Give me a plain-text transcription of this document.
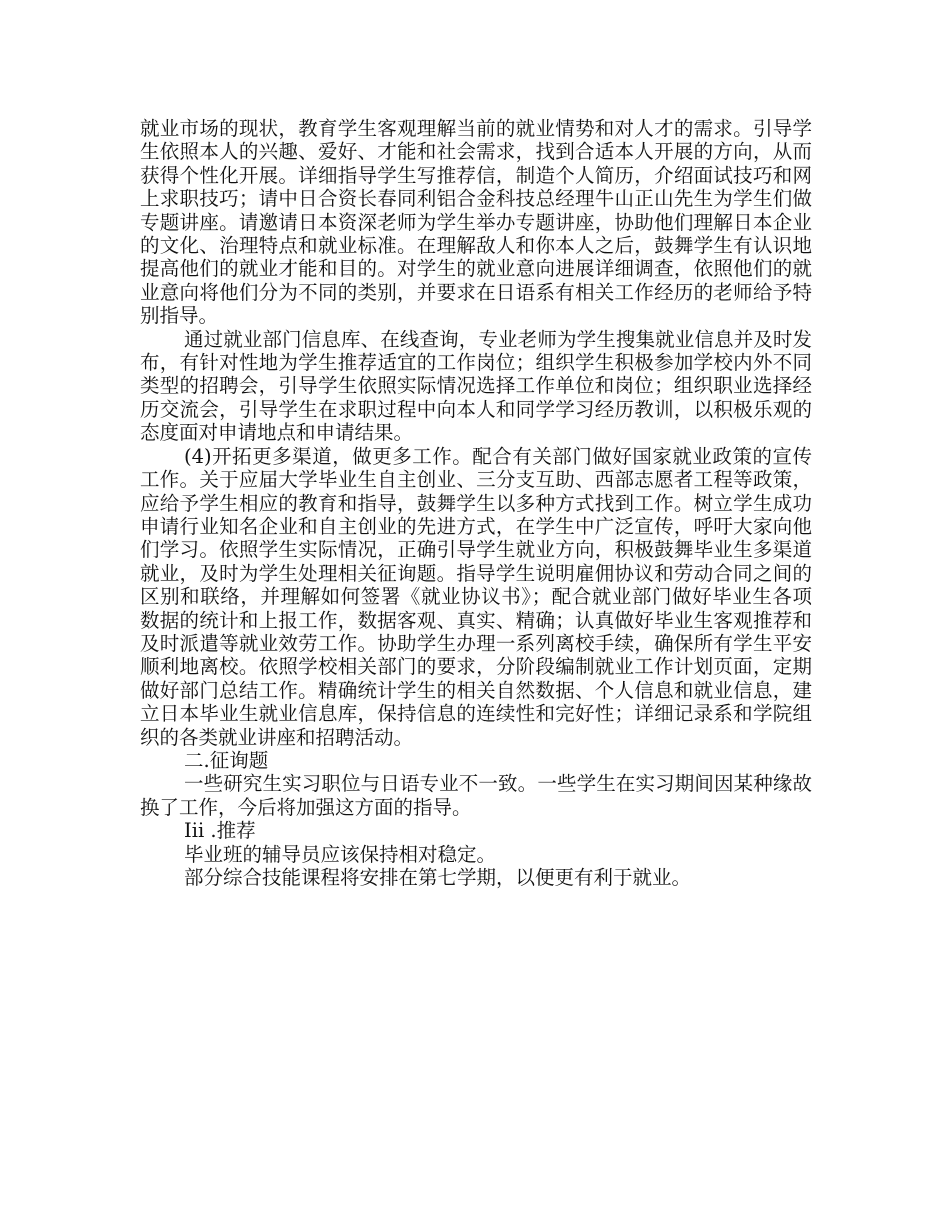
就业市场的现状，教育学生客观理解当前的就业情势和对人才的需求。引导学生依照本人的兴趣、爱好、才能和社会需求，找到合适本人开展的方向，从而获得个性化开展。详细指导学生写推荐信，制造个人简历，介绍面试技巧和网上求职技巧；请中日合资长春同利铝合金科技总经理牛山正山先生为学生们做专题讲座。请邀请日本资深老师为学生举办专题讲座，协助他们理解日本企业的文化、治理特点和就业标准。在理解敌人和你本人之后，鼓舞学生有认识地提高他们的就业才能和目的。对学生的就业意向进展详细调查，依照他们的就业意向将他们分为不同的类别，并要求在日语系有相关工作经历的老师给予特别指导。

通过就业部门信息库、在线查询，专业老师为学生搜集就业信息并及时发布，有针对性地为学生推荐适宜的工作岗位；组织学生积极参加学校内外不同类型的招聘会，引导学生依照实际情况选择工作单位和岗位；组织职业选择经历交流会，引导学生在求职过程中向本人和同学学习经历教训，以积极乐观的态度面对申请地点和申请结果。

(4)开拓更多渠道，做更多工作。配合有关部门做好国家就业政策的宣传工作。关于应届大学毕业生自主创业、三分支互助、西部志愿者工程等政策，应给予学生相应的教育和指导，鼓舞学生以多种方式找到工作。树立学生成功申请行业知名企业和自主创业的先进方式，在学生中广泛宣传，呼吁大家向他们学习。依照学生实际情况，正确引导学生就业方向，积极鼓舞毕业生多渠道就业，及时为学生处理相关征询题。指导学生说明雇佣协议和劳动合同之间的区别和联络，并理解如何签署《就业协议书》；配合就业部门做好毕业生各项数据的统计和上报工作，数据客观、真实、精确；认真做好毕业生客观推荐和及时派遣等就业效劳工作。协助学生办理一系列离校手续，确保所有学生平安顺利地离校。依照学校相关部门的要求，分阶段编制就业工作计划页面，定期做好部门总结工作。精确统计学生的相关自然数据、个人信息和就业信息，建立日本毕业生就业信息库，保持信息的连续性和完好性；详细记录系和学院组织的各类就业讲座和招聘活动。

二.征询题

一些研究生实习职位与日语专业不一致。一些学生在实习期间因某种缘故换了工作，今后将加强这方面的指导。

Iii .推荐

毕业班的辅导员应该保持相对稳定。

部分综合技能课程将安排在第七学期，以便更有利于就业。
